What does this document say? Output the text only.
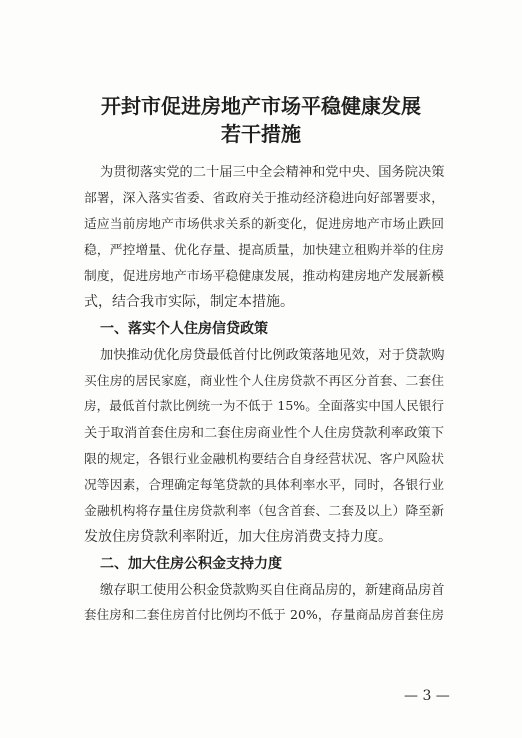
开封市促进房地产市场平稳健康发展
若干措施
为贯彻落实党的二十届三中全会精神和党中央、国务院决策
部署，深入落实省委、省政府关于推动经济稳进向好部署要求，
适应当前房地产市场供求关系的新变化，促进房地产市场止跌回
稳，严控增量、优化存量、提高质量，加快建立租购并举的住房
制度，促进房地产市场平稳健康发展，推动构建房地产发展新模
式，结合我市实际，制定本措施。
一、落实个人住房信贷政策
加快推动优化房贷最低首付比例政策落地见效，对于贷款购
买住房的居民家庭，商业性个人住房贷款不再区分首套、二套住
房，最低首付款比例统一为不低于 15%。全面落实中国人民银行
关于取消首套住房和二套住房商业性个人住房贷款利率政策下
限的规定，各银行业金融机构要结合自身经营状况、客户风险状
况等因素，合理确定每笔贷款的具体利率水平，同时，各银行业
金融机构将存量住房贷款利率（包含首套、二套及以上）降至新
发放住房贷款利率附近，加大住房消费支持力度。
二、加大住房公积金支持力度
缴存职工使用公积金贷款购买自住商品房的，新建商品房首
套住房和二套住房首付比例均不低于 20%，存量商品房首套住房
— 3 —
